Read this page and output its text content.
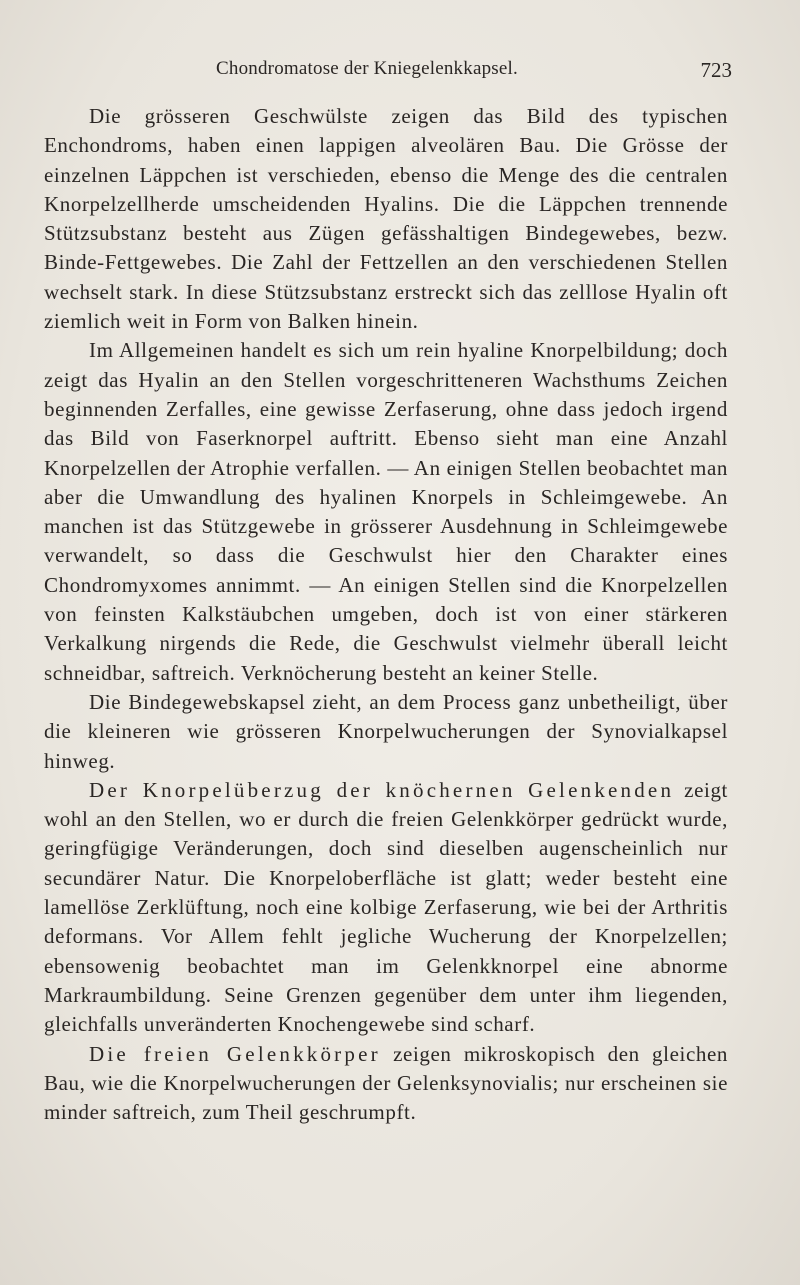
Chondromatose der Kniegelenkkapsel.	723

Die grösseren Geschwülste zeigen das Bild des typischen Enchondroms, haben einen lappigen alveolären Bau. Die Grösse der einzelnen Läppchen ist verschieden, ebenso die Menge des die centralen Knorpelzellherde umscheidenden Hyalins. Die die Läppchen trennende Stützsubstanz besteht aus Zügen gefässhaltigen Bindegewebes, bezw. Binde-Fettgewebes. Die Zahl der Fettzellen an den verschiedenen Stellen wechselt stark. In diese Stützsubstanz erstreckt sich das zelllose Hyalin oft ziemlich weit in Form von Balken hinein.

Im Allgemeinen handelt es sich um rein hyaline Knorpelbildung; doch zeigt das Hyalin an den Stellen vorgeschritteneren Wachsthums Zeichen beginnenden Zerfalles, eine gewisse Zerfaserung, ohne dass jedoch irgend das Bild von Faserknorpel auftritt. Ebenso sieht man eine Anzahl Knorpelzellen der Atrophie verfallen. — An einigen Stellen beobachtet man aber die Umwandlung des hyalinen Knorpels in Schleimgewebe. An manchen ist das Stützgewebe in grösserer Ausdehnung in Schleimgewebe verwandelt, so dass die Geschwulst hier den Charakter eines Chondromyxomes annimmt. — An einigen Stellen sind die Knorpelzellen von feinsten Kalkstäubchen umgeben, doch ist von einer stärkeren Verkalkung nirgends die Rede, die Geschwulst vielmehr überall leicht schneidbar, saftreich. Verknöcherung besteht an keiner Stelle.

Die Bindegewebskapsel zieht, an dem Process ganz unbetheiligt, über die kleineren wie grösseren Knorpelwucherungen der Synovialkapsel hinweg.

Der Knorpelüberzug der knöchernen Gelenkenden zeigt wohl an den Stellen, wo er durch die freien Gelenkkörper gedrückt wurde, geringfügige Veränderungen, doch sind dieselben augenscheinlich nur secundärer Natur. Die Knorpeloberfläche ist glatt; weder besteht eine lamellöse Zerklüftung, noch eine kolbige Zerfaserung, wie bei der Arthritis deformans. Vor Allem fehlt jegliche Wucherung der Knorpelzellen; ebensowenig beobachtet man im Gelenkknorpel eine abnorme Markraumbildung. Seine Grenzen gegenüber dem unter ihm liegenden, gleichfalls unveränderten Knochengewebe sind scharf.

Die freien Gelenkkörper zeigen mikroskopisch den gleichen Bau, wie die Knorpelwucherungen der Gelenksynovialis; nur erscheinen sie minder saftreich, zum Theil geschrumpft.
